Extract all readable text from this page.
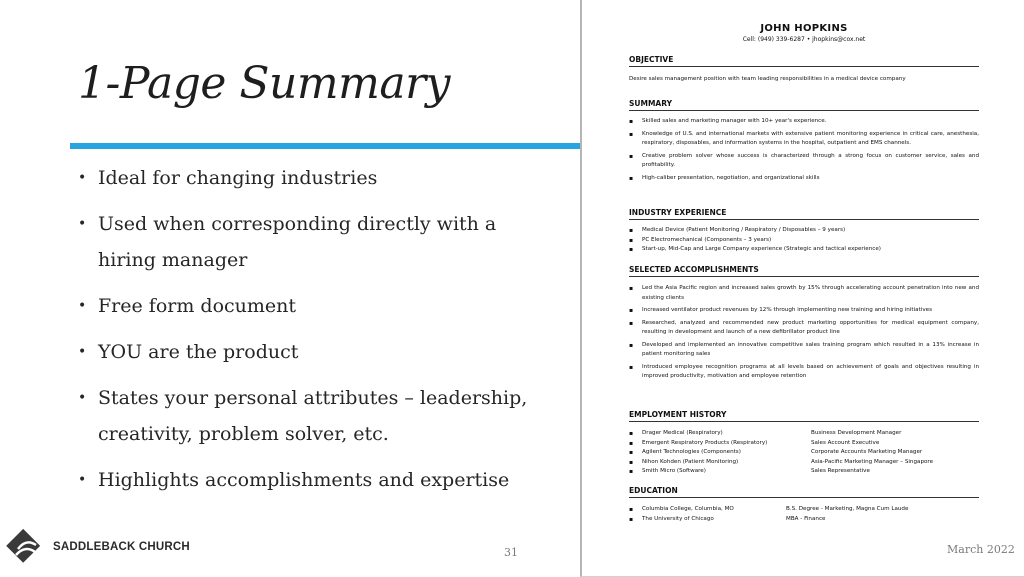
1-Page Summary
• Ideal for changing industries
• Used when corresponding directly with a hiring manager
• Free form document
• YOU are the product
• States your personal attributes – leadership, creativity, problem solver, etc.
• Highlights accomplishments and expertise
JOHN HOPKINS
Cell: (949) 339-6287 • jhopkins@cox.net
OBJECTIVE
Desire sales management position with team leading responsibilities in a medical device company
SUMMARY
▪ Skilled sales and marketing manager with 10+ year's experience.
▪ Knowledge of U.S. and international markets with extensive patient monitoring experience in critical care, anesthesia, respiratory, disposables, and information systems in the hospital, outpatient and EMS channels.
▪ Creative problem solver whose success is characterized through a strong focus on customer service, sales and profitability.
▪ High-caliber presentation, negotiation, and organizational skills
INDUSTRY EXPERIENCE
▪ Medical Device (Patient Monitoring / Respiratory / Disposables – 9 years)
▪ PC Electromechanical (Components – 3 years)
▪ Start-up, Mid-Cap and Large Company experience (Strategic and tactical experience)
SELECTED ACCOMPLISHMENTS
▪ Led the Asia Pacific region and increased sales growth by 15% through accelerating account penetration into new and existing clients
▪ Increased ventilator product revenues by 12% through implementing new training and hiring initiatives
▪ Researched, analyzed and recommended new product marketing opportunities for medical equipment company, resulting in development and launch of a new defibrillator product line
▪ Developed and implemented an innovative competitive sales training program which resulted in a 13% increase in patient monitoring sales
▪ Introduced employee recognition programs at all levels based on achievement of goals and objectives resulting in improved productivity, motivation and employee retention
EMPLOYMENT HISTORY
▪ Drager Medical (Respiratory)	Business Development Manager
▪ Emergent Respiratory Products (Respiratory)	Sales Account Executive
▪ Agilent Technologies (Components)	Corporate Accounts Marketing Manager
▪ Nihon Kohden (Patient Monitoring)	Asia-Pacific Marketing Manager – Singapore
▪ Smith Micro (Software)	Sales Representative
EDUCATION
▪ Columbia College, Columbia, MO	B.S. Degree - Marketing, Magna Cum Laude
▪ The University of Chicago	MBA - Finance
SADDLEBACK CHURCH	31	March 2022
